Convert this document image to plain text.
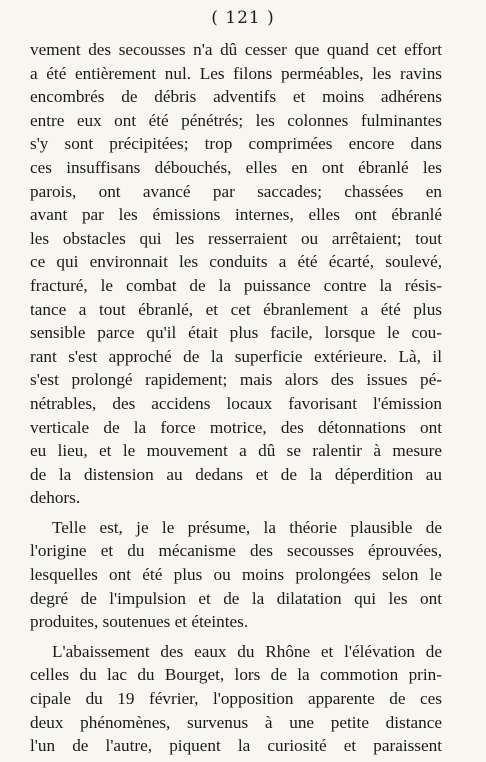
( 121 )
vement des secousses n'a dû cesser que quand cet effort
a été entièrement nul. Les filons perméables, les ravins
encombrés de débris adventifs et moins adhérens
entre eux ont été pénétrés; les colonnes fulminantes
s'y sont précipitées; trop comprimées encore dans
ces insuffisans débouchés, elles en ont ébranlé les
parois, ont avancé par saccades; chassées en
avant par les émissions internes, elles ont ébranlé
les obstacles qui les resserraient ou arrêtaient; tout
ce qui environnait les conduits a été écarté, soulevé,
fracturé, le combat de la puissance contre la résis-
tance a tout ébranlé, et cet ébranlement a été plus
sensible parce qu'il était plus facile, lorsque le cou-
rant s'est approché de la superficie extérieure. Là, il
s'est prolongé rapidement; mais alors des issues pé-
nétrables, des accidens locaux favorisant l'émission
verticale de la force motrice, des détonnations ont
eu lieu, et le mouvement a dû se ralentir à mesure
de la distension au dedans et de la déperdition au
dehors.
Telle est, je le présume, la théorie plausible de
l'origine et du mécanisme des secousses éprouvées,
lesquelles ont été plus ou moins prolongées selon le
degré de l'impulsion et de la dilatation qui les ont
produites, soutenues et éteintes.
L'abaissement des eaux du Rhône et l'élévation de
celles du lac du Bourget, lors de la commotion prin-
cipale du 19 février, l'opposition apparente de ces
deux phénomènes, survenus à une petite distance
l'un de l'autre, piquent la curiosité et paraissent
